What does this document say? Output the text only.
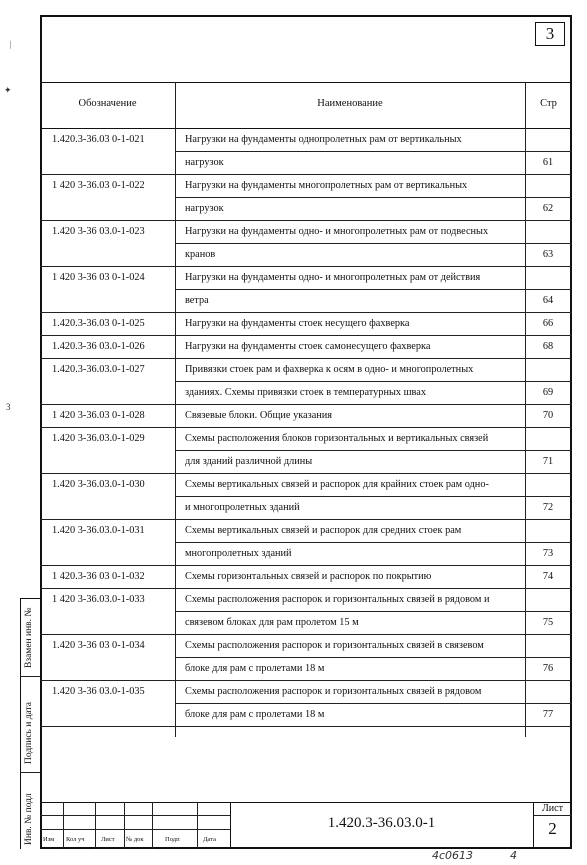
3
Обозначение	Наименование	Стр
1.420.3-36.03 0-1-021	Нагрузки на фундаменты однопролетных рам от вертикальных
нагрузок	61
1 420 3-36.03 0-1-022	Нагрузки на фундаменты многопролетных рам от вертикальных
нагрузок	62
1.420 3-36 03.0-1-023	Нагрузки на фундаменты одно- и многопролетных рам от подвесных
кранов	63
1 420 3-36 03 0-1-024	Нагрузки на фундаменты одно- и многопролетных рам от действия
ветра	64
1.420.3-36.03 0-1-025	Нагрузки на фундаменты стоек несущего фахверка	66
1.420.3-36 03.0-1-026	Нагрузки на фундаменты стоек самонесущего фахверка	68
1.420.3-36.03.0-1-027	Привязки стоек рам и фахверка к осям в одно- и многопролетных
зданиях. Схемы привязки стоек в температурных швах	69
1 420 3-36.03 0-1-028	Связевые блоки. Общие указания	70
1.420 3-36.03.0-1-029	Схемы расположения блоков горизонтальных и вертикальных связей
для зданий различной длины	71
1.420 3-36.03.0-1-030	Схемы вертикальных связей и распорок для крайних стоек рам одно-
и многопролетных зданий	72
1.420 3-36.03.0-1-031	Схемы вертикальных связей и распорок для средних стоек рам
многопролетных зданий	73
1 420.3-36 03 0-1-032	Схемы горизонтальных связей и распорок по покрытию	74
1 420 3-36.03.0-1-033	Схемы расположения распорок и горизонтальных связей в рядовом и
связевом блоках для рам пролетом 15 м	75
1.420 3-36 03 0-1-034	Схемы расположения распорок и горизонтальных связей в связевом
блоке для рам с пролетами 18 м	76
1.420 3-36 03.0-1-035	Схемы расположения распорок и горизонтальных связей в рядовом
блоке для рам с пролетами 18 м	77
Взамен инв. №
Подпись и дата
Инв. № подл
ᛁ
✦
3
Изм Кол уч	Лист № док	Подп	Дата
1.420.3-36.03.0-1
Лист
2
4с0613	4
